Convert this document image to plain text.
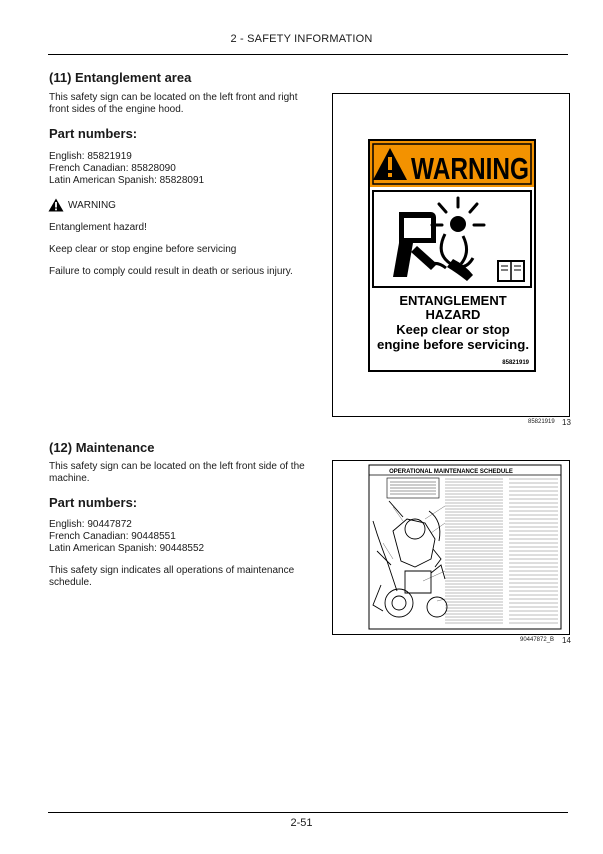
2 - SAFETY INFORMATION
(11) Entanglement area
This safety sign can be located on the left front and right front sides of the engine hood.
Part numbers:
English: 85821919
French Canadian: 85828090
Latin American Spanish: 85828091
WARNING
Entanglement hazard!
Keep clear or stop engine before servicing
Failure to comply could result in death or serious injury.
WARNING
ENTANGLEMENT
HAZARD
Keep clear or stop
engine before servicing.
85821919
85821919 13
(12) Maintenance
This safety sign can be located on the left front side of the machine.
Part numbers:
English: 90447872
French Canadian: 90448551
Latin American Spanish: 90448552
This safety sign indicates all operations of maintenance schedule.
OPERATIONAL MAINTENANCE SCHEDULE
90447872_B 14
2-51
